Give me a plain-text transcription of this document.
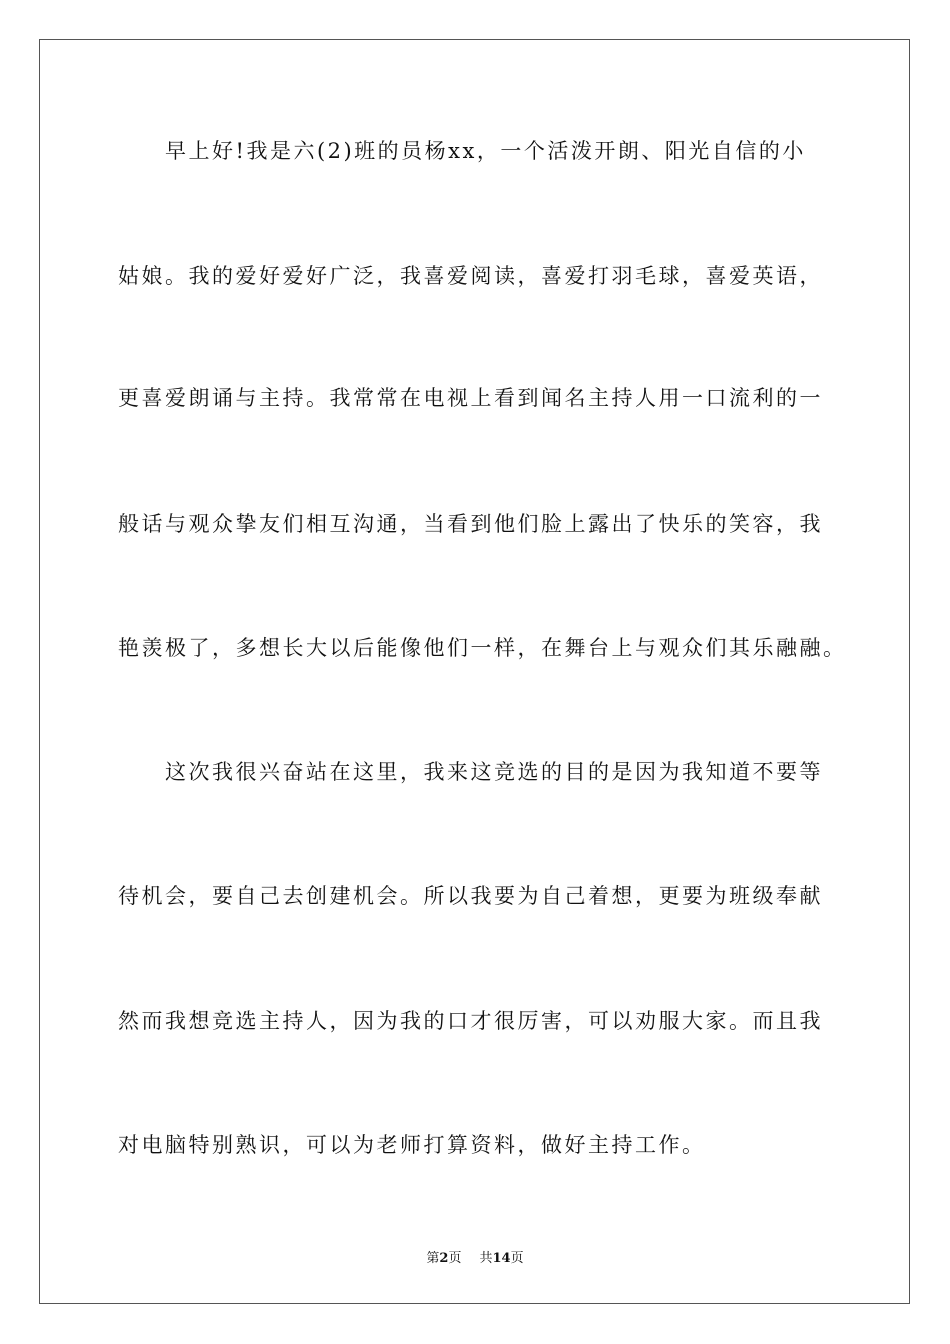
早上好!我是六(2)班的员杨xx，一个活泼开朗、阳光自信的小
姑娘。我的爱好爱好广泛，我喜爱阅读，喜爱打羽毛球，喜爱英语，
更喜爱朗诵与主持。我常常在电视上看到闻名主持人用一口流利的一
般话与观众挚友们相互沟通，当看到他们脸上露出了快乐的笑容，我
艳羡极了，多想长大以后能像他们一样，在舞台上与观众们其乐融融。
这次我很兴奋站在这里，我来这竞选的目的是因为我知道不要等
待机会，要自己去创建机会。所以我要为自己着想，更要为班级奉献
然而我想竞选主持人，因为我的口才很厉害，可以劝服大家。而且我
对电脑特别熟识，可以为老师打算资料，做好主持工作。
第2页 共14页
